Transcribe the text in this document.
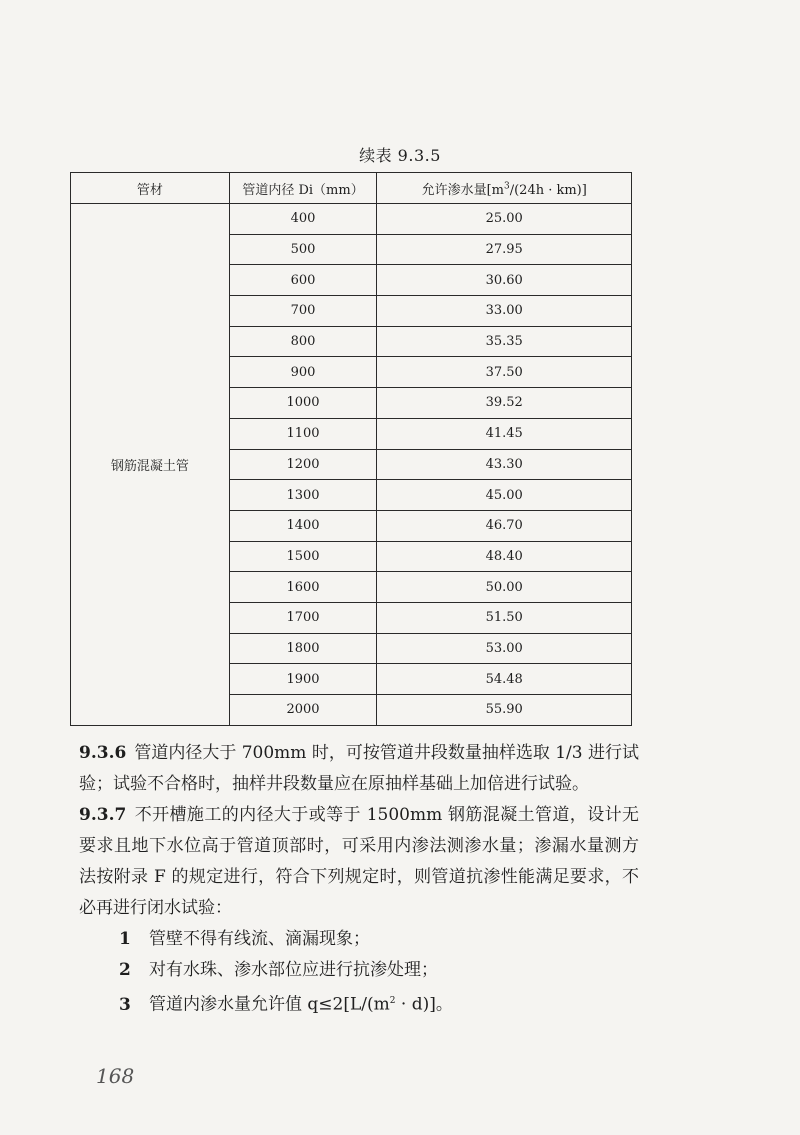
续表 9.3.5
管材	管道内径 Di（mm）	允许渗水量$[m^3/(24h \cdot km)]$
钢筋混凝土管	400	25.00
	500	27.95
	600	30.60
	700	33.00
	800	35.35
	900	37.50
	1000	39.52
	1100	41.45
	1200	43.30
	1300	45.00
	1400	46.70
	1500	48.40
	1600	50.00
	1700	51.50
	1800	53.00
	1900	54.48
	2000	55.90

9.3.6 管道内径大于 700mm 时，可按管道井段数量抽样选取 1/3 进行试验；试验不合格时，抽样井段数量应在原抽样基础上加倍进行试验。

9.3.7 不开槽施工的内径大于或等于 1500mm 钢筋混凝土管道，设计无要求且地下水位高于管道顶部时，可采用内渗法测渗水量；渗漏水量测方法按附录 F 的规定进行，符合下列规定时，则管道抗渗性能满足要求，不必再进行闭水试验：

1 管壁不得有线流、滴漏现象；

2 对有水珠、渗水部位应进行抗渗处理；

3 管道内渗水量允许值 $q\le 2[L/(m^2 \cdot d)]$。

168
